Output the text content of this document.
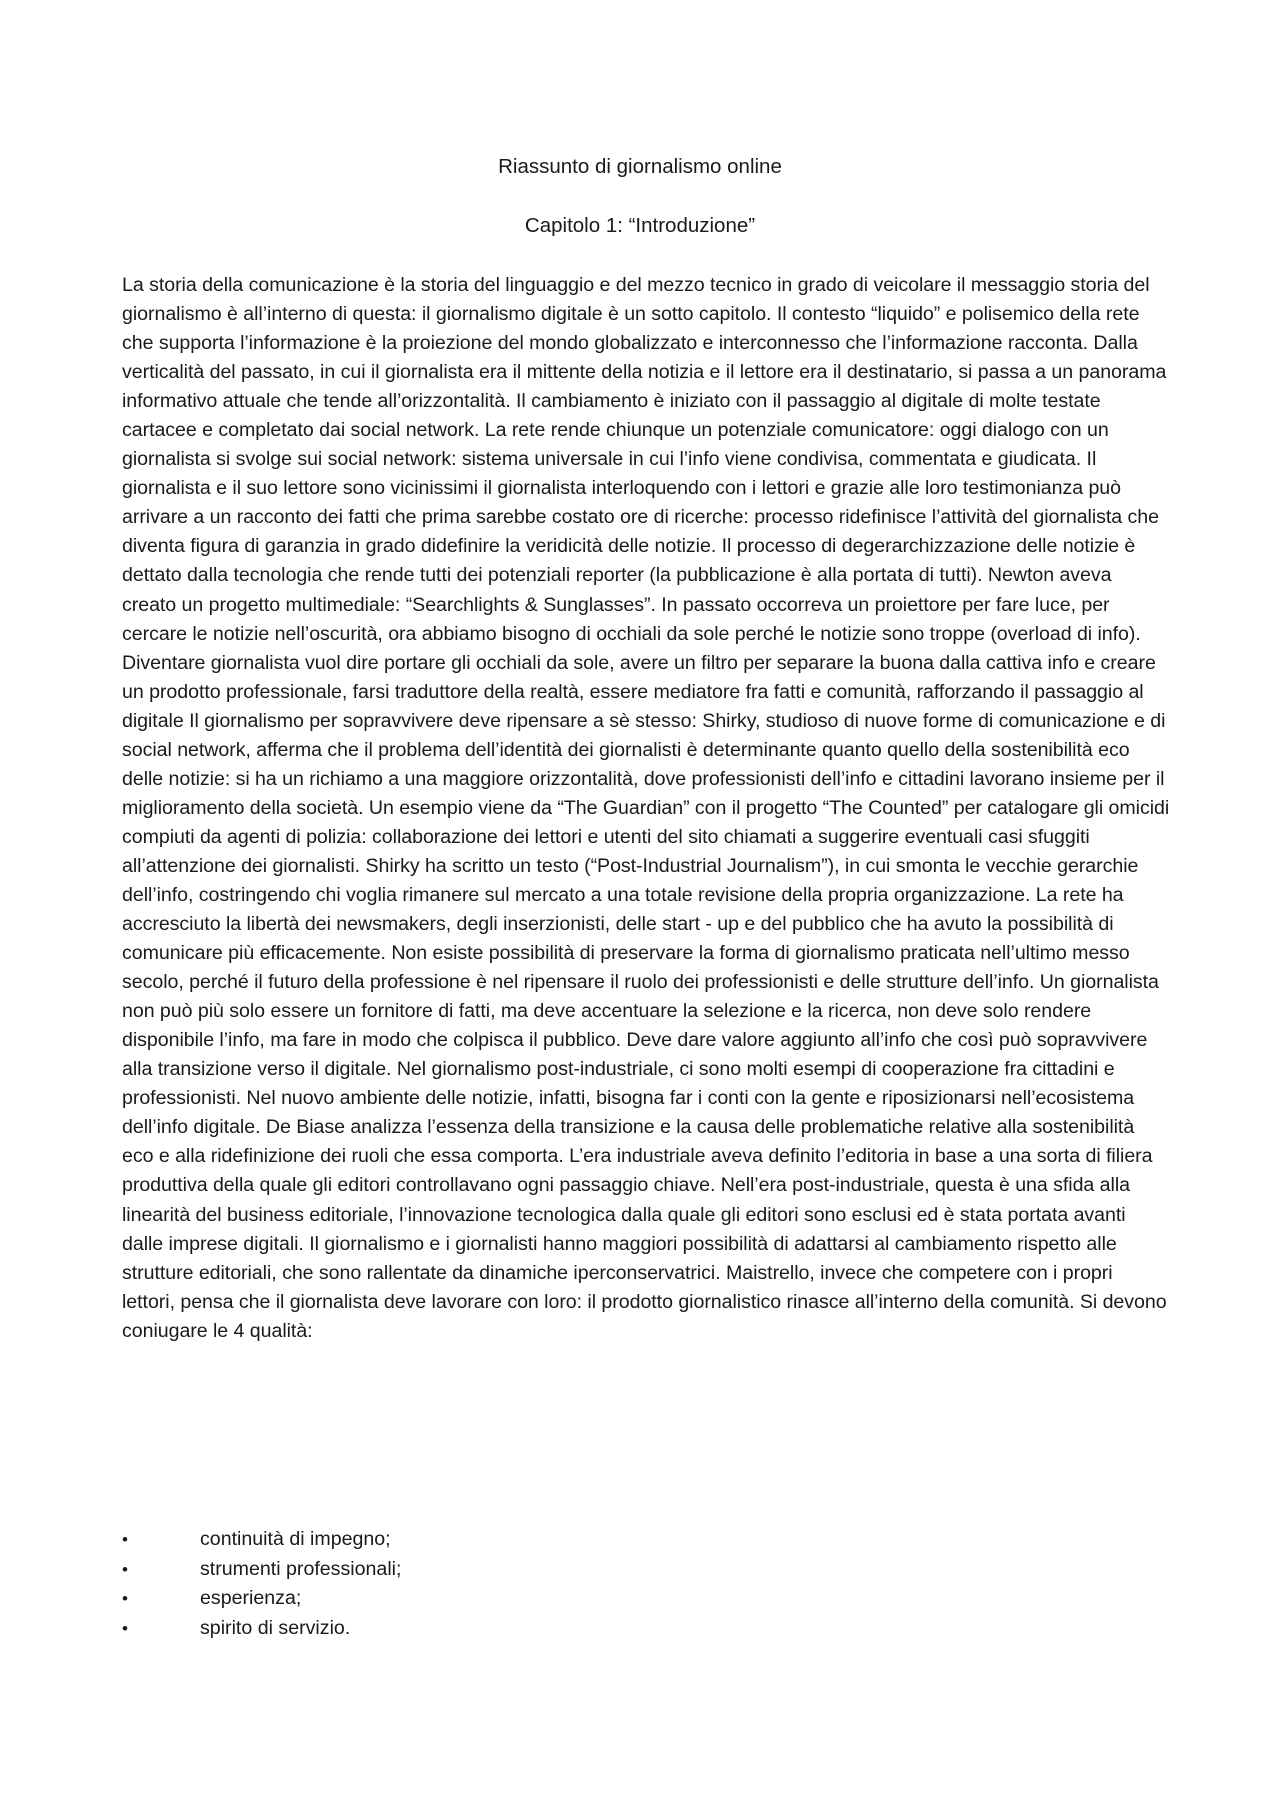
Riassunto di giornalismo online
Capitolo 1: “Introduzione”

La storia della comunicazione è la storia del linguaggio e del mezzo tecnico in grado di veicolare il messaggio storia del giornalismo è all’interno di questa: il giornalismo digitale è un sotto capitolo. Il contesto “liquido” e polisemico della rete che supporta l’informazione è la proiezione del mondo globalizzato e interconnesso che l’informazione racconta. Dalla verticalità del passato, in cui il giornalista era il mittente della notizia e il lettore era il destinatario, si passa a un panorama informativo attuale che tende all’orizzontalità. Il cambiamento è iniziato con il passaggio al digitale di molte testate cartacee e completato dai social network. La rete rende chiunque un potenziale comunicatore: oggi dialogo con un giornalista si svolge sui social network: sistema universale in cui l’info viene condivisa, commentata e giudicata. Il giornalista e il suo lettore sono vicinissimi il giornalista interloquendo con i lettori e grazie alle loro testimonianza può arrivare a un racconto dei fatti che prima sarebbe costato ore di ricerche: processo ridefinisce l’attività del giornalista che diventa figura di garanzia in grado didefinire la veridicità delle notizie. Il processo di degerarchizzazione delle notizie è dettato dalla tecnologia che rende tutti dei potenziali reporter (la pubblicazione è alla portata di tutti). Newton aveva creato un progetto multimediale: “Searchlights & Sunglasses”. In passato occorreva un proiettore per fare luce, per cercare le notizie nell’oscurità, ora abbiamo bisogno di occhiali da sole perché le notizie sono troppe (overload di info). Diventare giornalista vuol dire portare gli occhiali da sole, avere un filtro per separare la buona dalla cattiva info e creare un prodotto professionale, farsi traduttore della realtà, essere mediatore fra fatti e comunità, rafforzando il passaggio al digitale Il giornalismo per sopravvivere deve ripensare a sè stesso: Shirky, studioso di nuove forme di comunicazione e di social network, afferma che il problema dell’identità dei giornalisti è determinante quanto quello della sostenibilità eco delle notizie: si ha un richiamo a una maggiore orizzontalità, dove professionisti dell’info e cittadini lavorano insieme per il miglioramento della società. Un esempio viene da “The Guardian” con il progetto “The Counted” per catalogare gli omicidi compiuti da agenti di polizia: collaborazione dei lettori e utenti del sito chiamati a suggerire eventuali casi sfuggiti all’attenzione dei giornalisti. Shirky ha scritto un testo (“Post-Industrial Journalism”), in cui smonta le vecchie gerarchie dell’info, costringendo chi voglia rimanere sul mercato a una totale revisione della propria organizzazione. La rete ha accresciuto la libertà dei newsmakers, degli inserzionisti, delle start - up e del pubblico che ha avuto la possibilità di comunicare più efficacemente. Non esiste possibilità di preservare la forma di giornalismo praticata nell’ultimo messo secolo, perché il futuro della professione è nel ripensare il ruolo dei professionisti e delle strutture dell’info. Un giornalista non può più solo essere un fornitore di fatti, ma deve accentuare la selezione e la ricerca, non deve solo rendere disponibile l’info, ma fare in modo che colpisca il pubblico. Deve dare valore aggiunto all’info che così può sopravvivere alla transizione verso il digitale. Nel giornalismo post-industriale, ci sono molti esempi di cooperazione fra cittadini e professionisti. Nel nuovo ambiente delle notizie, infatti, bisogna far i conti con la gente e riposizionarsi nell’ecosistema dell’info digitale. De Biase analizza l’essenza della transizione e la causa delle problematiche relative alla sostenibilità eco e alla ridefinizione dei ruoli che essa comporta. L’era industriale aveva definito l’editoria in base a una sorta di filiera produttiva della quale gli editori controllavano ogni passaggio chiave. Nell’era post-industriale, questa è una sfida alla linearità del business editoriale, l’innovazione tecnologica dalla quale gli editori sono esclusi ed è stata portata avanti dalle imprese digitali. Il giornalismo e i giornalisti hanno maggiori possibilità di adattarsi al cambiamento rispetto alle strutture editoriali, che sono rallentate da dinamiche iperconservatrici. Maistrello, invece che competere con i propri lettori, pensa che il giornalista deve lavorare con loro: il prodotto giornalistico rinasce all’interno della comunità. Si devono coniugare le 4 qualità:

•	continuità di impegno;
•	strumenti professionali;
•	esperienza;
•	spirito di servizio.
